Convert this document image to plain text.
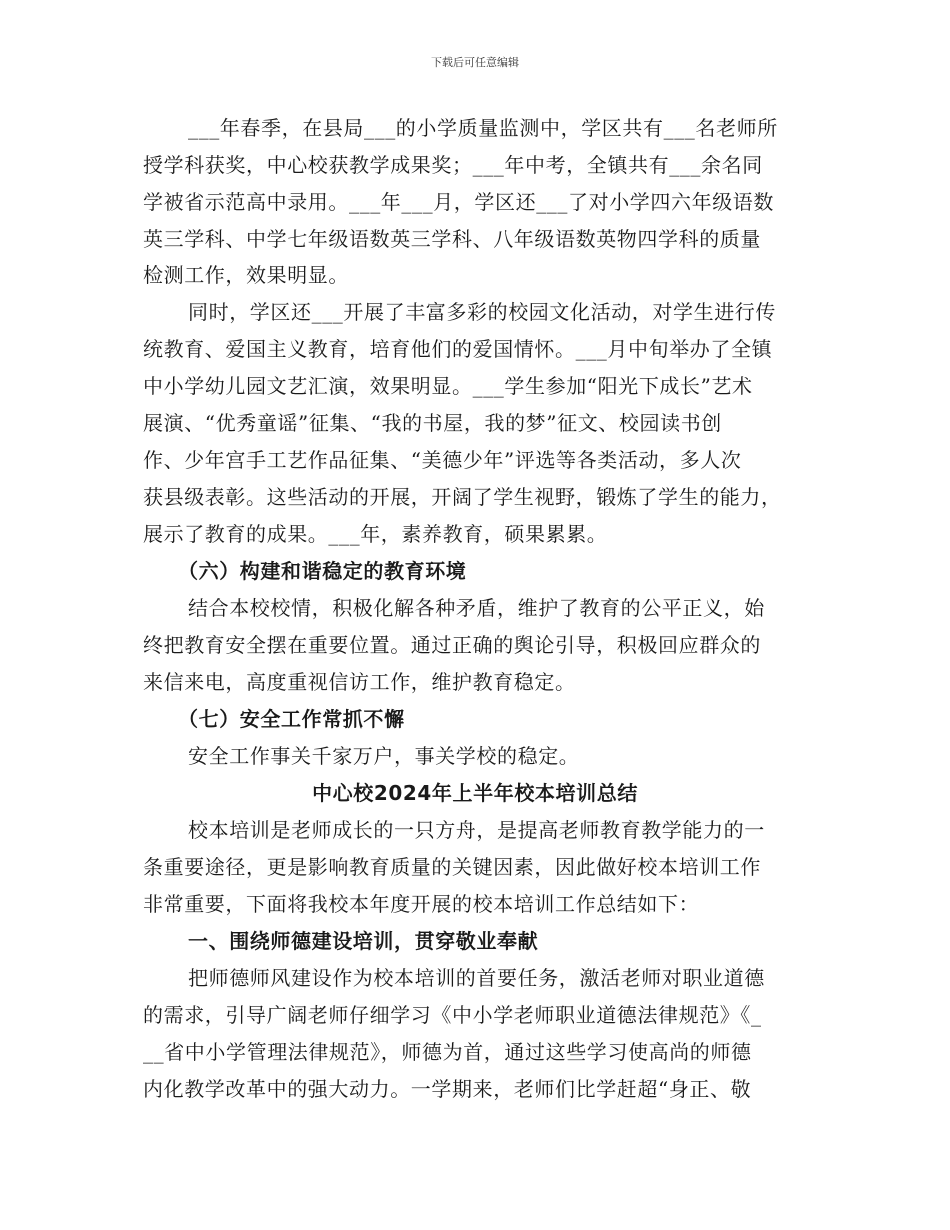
下载后可任意编辑
___年春季，在县局___的小学质量监测中，学区共有___名老师所
授学科获奖，中心校获教学成果奖；___年中考，全镇共有___余名同
学被省示范高中录用。___年___月，学区还___了对小学四六年级语数
英三学科、中学七年级语数英三学科、八年级语数英物四学科的质量
检测工作，效果明显。
同时，学区还___开展了丰富多彩的校园文化活动，对学生进行传
统教育、爱国主义教育，培育他们的爱国情怀。___月中旬举办了全镇
中小学幼儿园文艺汇演，效果明显。___学生参加“阳光下成长”艺术
展演、“优秀童谣”征集、“我的书屋，我的梦”征文、校园读书创
作、少年宫手工艺作品征集、“美德少年”评选等各类活动，多人次
获县级表彰。这些活动的开展，开阔了学生视野，锻炼了学生的能力，
展示了教育的成果。___年，素养教育，硕果累累。
（六）构建和谐稳定的教育环境
结合本校校情，积极化解各种矛盾，维护了教育的公平正义，始
终把教育安全摆在重要位置。通过正确的舆论引导，积极回应群众的
来信来电，高度重视信访工作，维护教育稳定。
（七）安全工作常抓不懈
安全工作事关千家万户，事关学校的稳定。
中心校2024年上半年校本培训总结
校本培训是老师成长的一只方舟，是提高老师教育教学能力的一
条重要途径，更是影响教育质量的关键因素，因此做好校本培训工作
非常重要，下面将我校本年度开展的校本培训工作总结如下：
一、围绕师德建设培训，贯穿敬业奉献
把师德师风建设作为校本培训的首要任务，激活老师对职业道德
的需求，引导广阔老师仔细学习《中小学老师职业道德法律规范》《_
__省中小学管理法律规范》，师德为首，通过这些学习使高尚的师德
内化教学改革中的强大动力。一学期来，老师们比学赶超“身正、敬
